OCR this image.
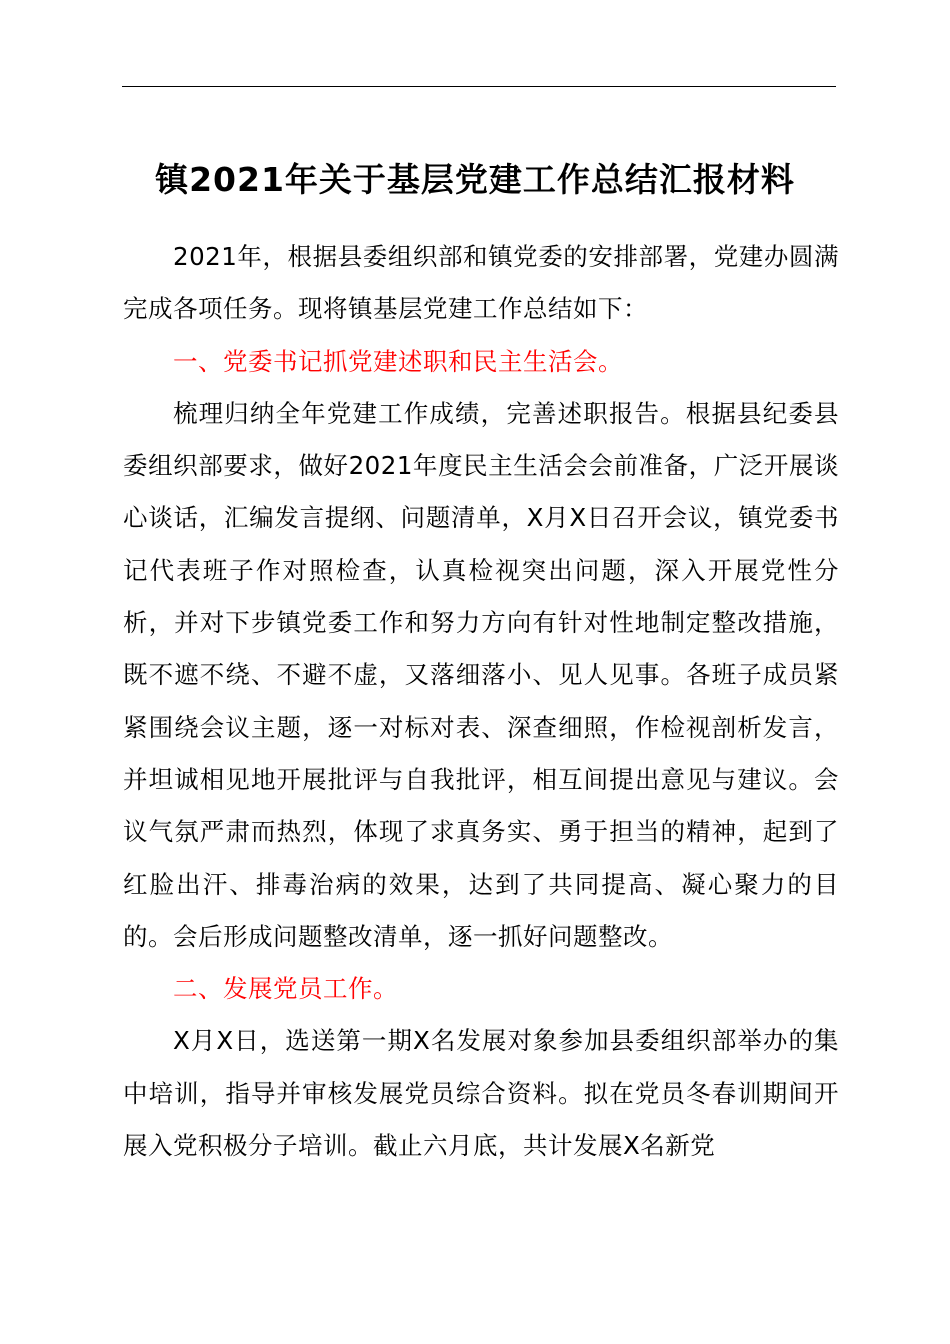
镇2021年关于基层党建工作总结汇报材料

2021年，根据县委组织部和镇党委的安排部署，党建办圆满完成各项任务。现将镇基层党建工作总结如下：

一、党委书记抓党建述职和民主生活会。

梳理归纳全年党建工作成绩，完善述职报告。根据县纪委县委组织部要求，做好2021年度民主生活会会前准备，广泛开展谈心谈话，汇编发言提纲、问题清单，X月X日召开会议，镇党委书记代表班子作对照检查，认真检视突出问题，深入开展党性分析，并对下步镇党委工作和努力方向有针对性地制定整改措施，既不遮不绕、不避不虚，又落细落小、见人见事。各班子成员紧紧围绕会议主题，逐一对标对表、深查细照，作检视剖析发言，并坦诚相见地开展批评与自我批评，相互间提出意见与建议。会议气氛严肃而热烈，体现了求真务实、勇于担当的精神，起到了红脸出汗、排毒治病的效果，达到了共同提高、凝心聚力的目的。会后形成问题整改清单，逐一抓好问题整改。

二、发展党员工作。

X月X日，选送第一期X名发展对象参加县委组织部举办的集中培训，指导并审核发展党员综合资料。拟在党员冬春训期间开展入党积极分子培训。截止六月底，共计发展X名新党
